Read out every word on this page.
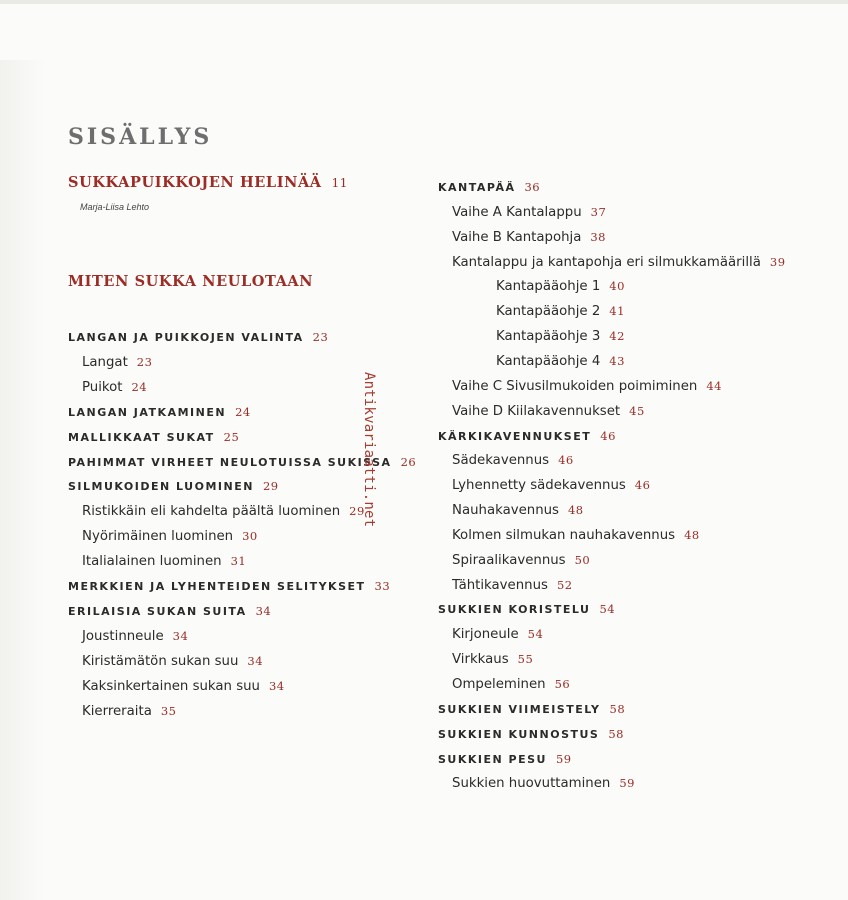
SISÄLLYS
SUKKAPUIKKOJEN HELINÄÄ 11
Marja-Liisa Lehto
MITEN SUKKA NEULOTAAN
LANGAN JA PUIKKOJEN VALINTA 23
Langat 23
Puikot 24
LANGAN JATKAMINEN 24
MALLIKKAAT SUKAT 25
PAHIMMAT VIRHEET NEULOTUISSA SUKISSA 26
SILMUKOIDEN LUOMINEN 29
Ristikkäin eli kahdelta päältä luominen 29
Nyörimäinen luominen 30
Italialainen luominen 31
MERKKIEN JA LYHENTEIDEN SELITYKSET 33
ERILAISIA SUKAN SUITA 34
Joustinneule 34
Kiristämätön sukan suu 34
Kaksinkertainen sukan suu 34
Kierreraita 35
KANTAPÄÄ 36
Vaihe A Kantalappu 37
Vaihe B Kantapohja 38
Kantalappu ja kantapohja eri silmukkamäärillä 39
Kantapääohje 1 40
Kantapääohje 2 41
Kantapääohje 3 42
Kantapääohje 4 43
Vaihe C Sivusilmukoiden poimiminen 44
Vaihe D Kiilakavennukset 45
KÄRKIKAVENNUKSET 46
Sädekavennus 46
Lyhennetty sädekavennus 46
Nauhakavennus 48
Kolmen silmukan nauhakavennus 48
Spiraalikavennus 50
Tähtikavennus 52
SUKKIEN KORISTELU 54
Kirjoneule 54
Virkkaus 55
Ompeleminen 56
SUKKIEN VIIMEISTELY 58
SUKKIEN KUNNOSTUS 58
SUKKIEN PESU 59
Sukkien huovuttaminen 59
Antikvariaatti.net
